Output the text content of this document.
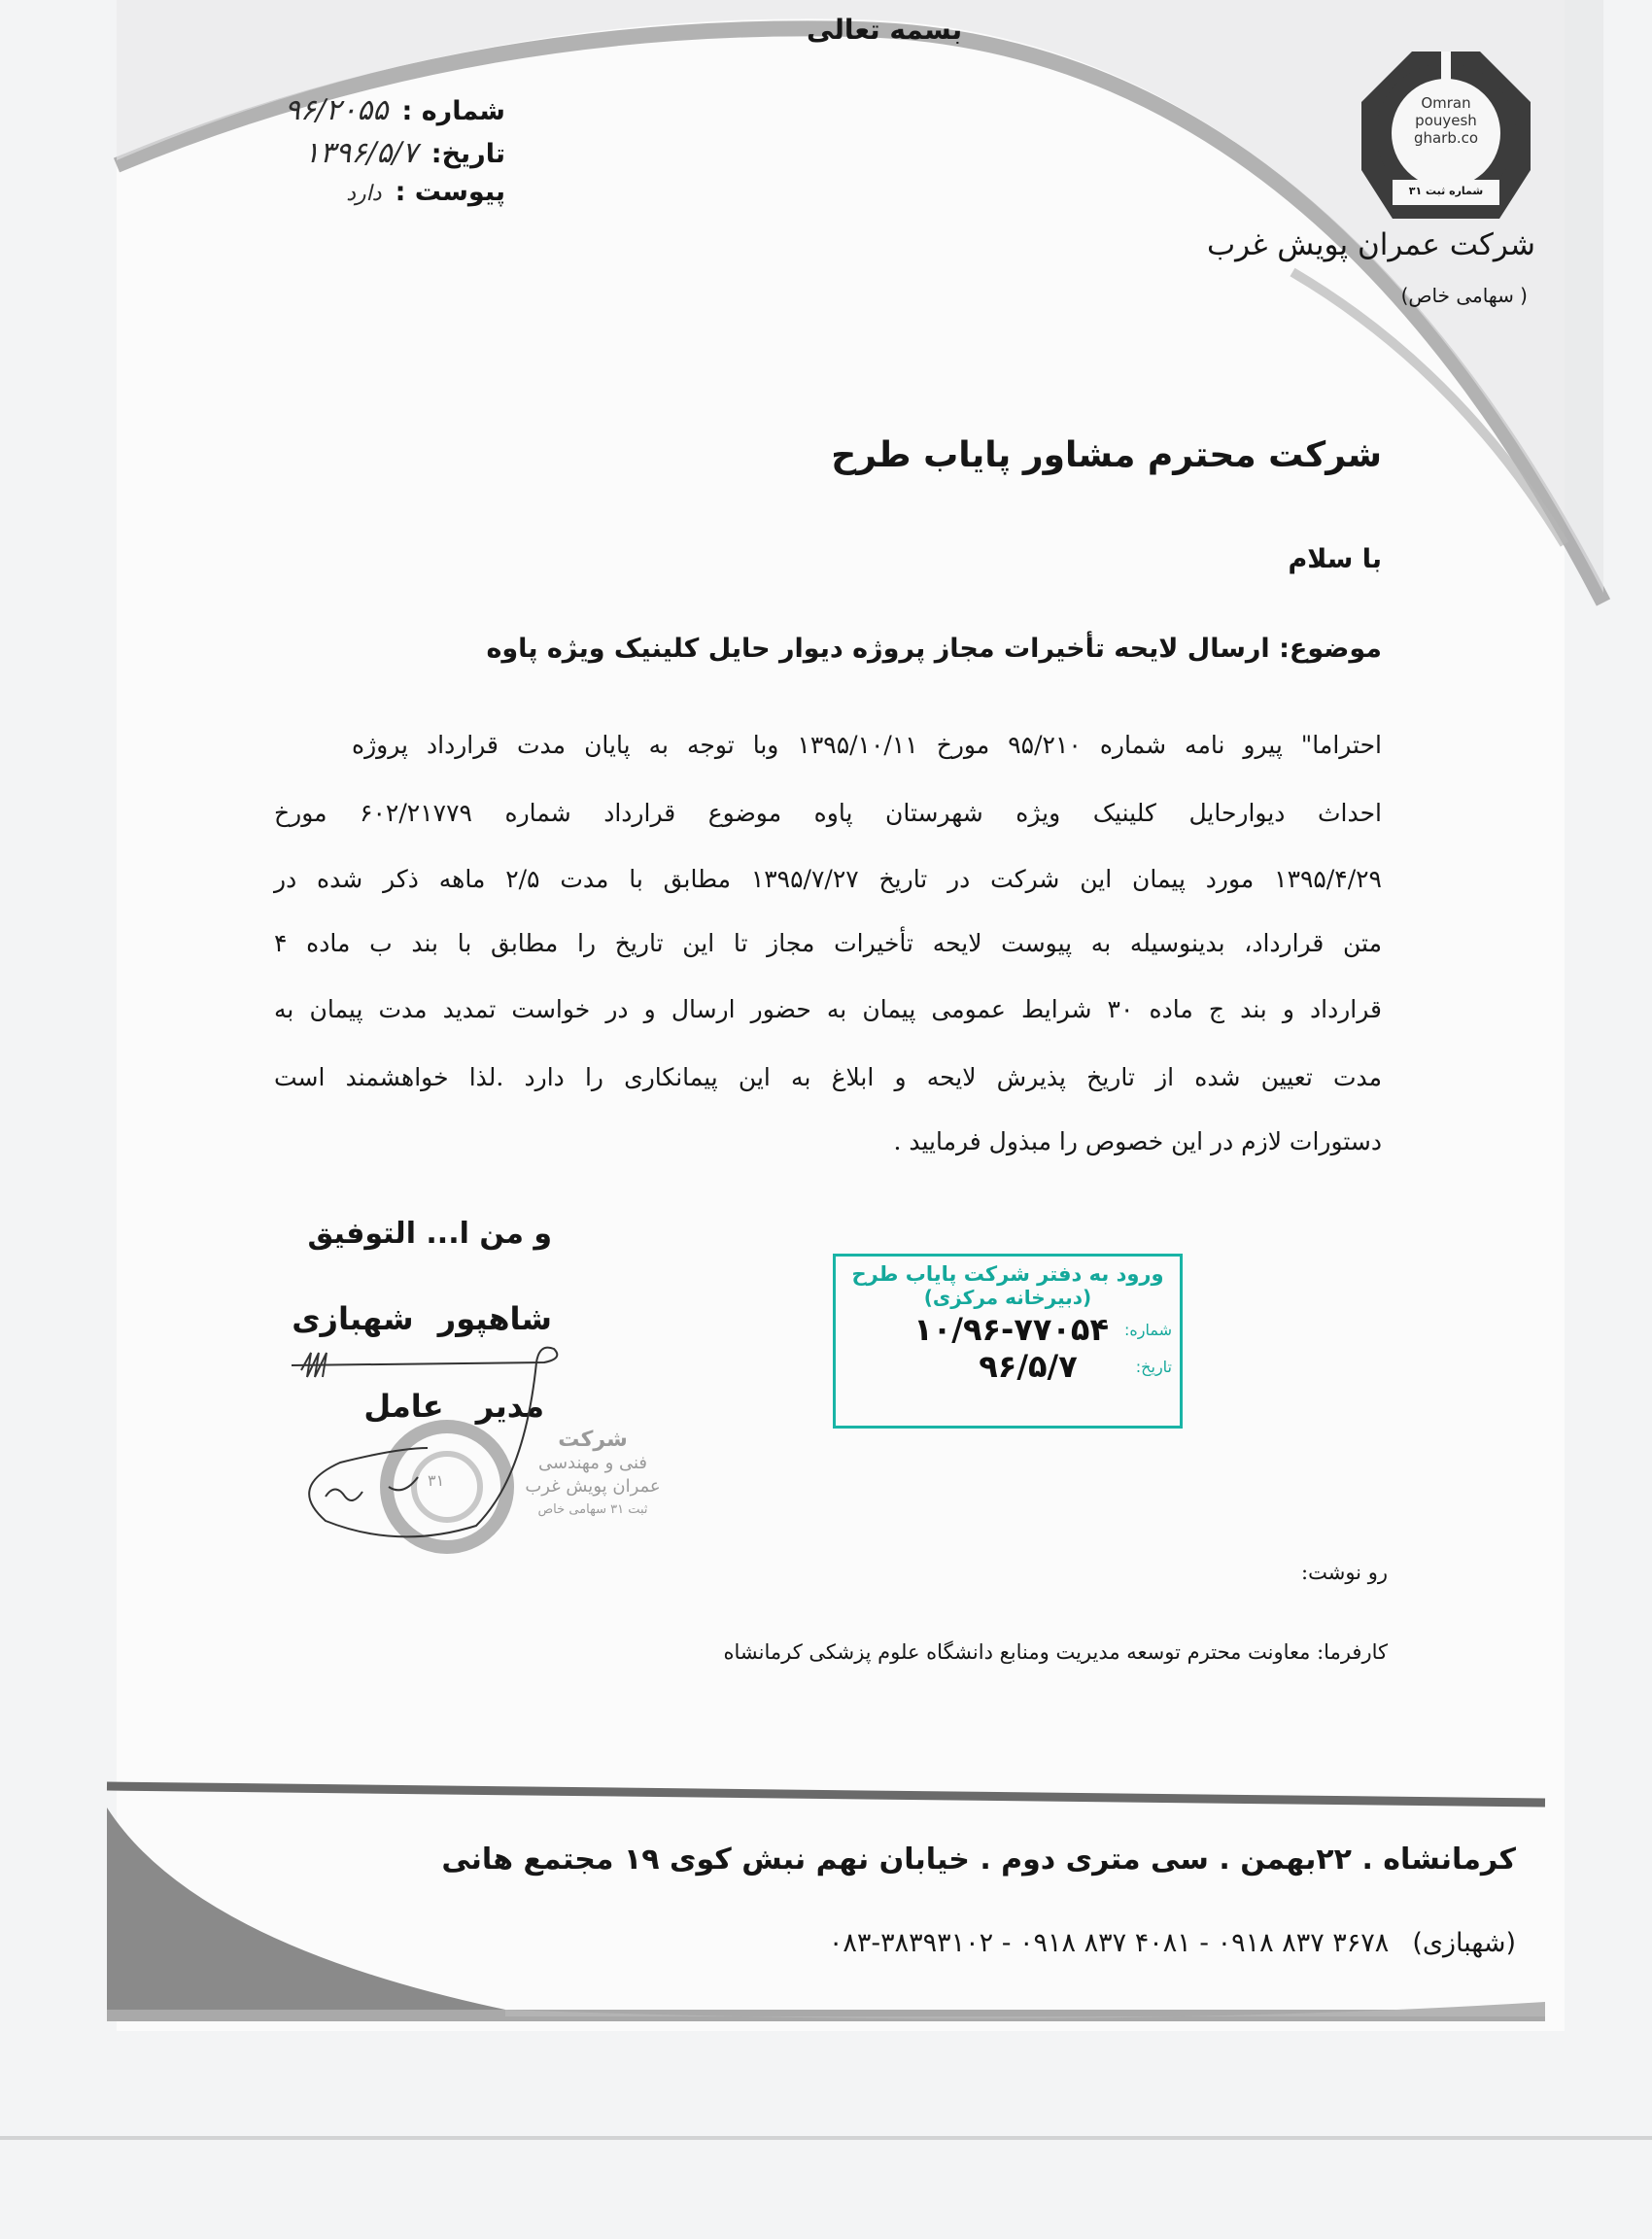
بسمه تعالی
شماره :
۹۶/۲۰۵۵
تاریخ:
۱۳۹۶/۵/۷
پیوست :
دارد
Omran
pouyesh
gharb.co
شماره ثبت ۳۱
شرکت عمران پویش غرب
( سهامی خاص)
شرکت محترم مشاور پایاب طرح
با سلام
موضوع: ارسال لایحه تأخیرات مجاز پروژه دیوار حایل کلینیک ویژه پاوه
احتراما" پیرو نامه شماره ۹۵/۲۱۰ مورخ ۱۳۹۵/۱۰/۱۱ وبا توجه به پایان مدت قرارداد پروژه
احداث دیوارحایل کلینیک ویژه شهرستان پاوه موضوع قرارداد شماره ۶۰۲/۲۱۷۷۹ مورخ
۱۳۹۵/۴/۲۹ مورد پیمان این شرکت در تاریخ ۱۳۹۵/۷/۲۷ مطابق با مدت ۲/۵ ماهه ذکر شده در
متن قرارداد، بدینوسیله به پیوست لایحه تأخیرات مجاز تا این تاریخ را مطابق با بند ب ماده ۴
قرارداد و بند ج ماده ۳۰ شرایط عمومی پیمان به حضور ارسال و در خواست تمدید مدت پیمان به
مدت تعیین شده از تاریخ پذیرش لایحه و ابلاغ به این پیمانکاری را دارد .لذا خواهشمند است
دستورات لازم در این خصوص را مبذول فرمایید .
و من ا... التوفیق
شاهپور شهبازی
مدیر عامل
۳۱
شرکت
فنی و مهندسی
عمران پویش غرب
ثبت ۳۱ سهامی خاص
ورود به دفتر شرکت پایاب طرح
(دبیرخانه مرکزی)
شماره:
۱۰/۹۶-۷۷۰۵۴
تاریخ:
۹۶/۵/۷
رو نوشت:
کارفرما: معاونت محترم توسعه مدیریت ومنابع دانشگاه علوم پزشکی کرمانشاه
کرمانشاه . ۲۲بهمن . سی متری دوم . خیابان نهم نبش کوی ۱۹ مجتمع هانی
(شهبازی)
۰۸۳-۳۸۳۹۳۱۰۲ - ۰۹۱۸ ۸۳۷ ۴۰۸۱ - ۰۹۱۸ ۸۳۷ ۳۶۷۸
